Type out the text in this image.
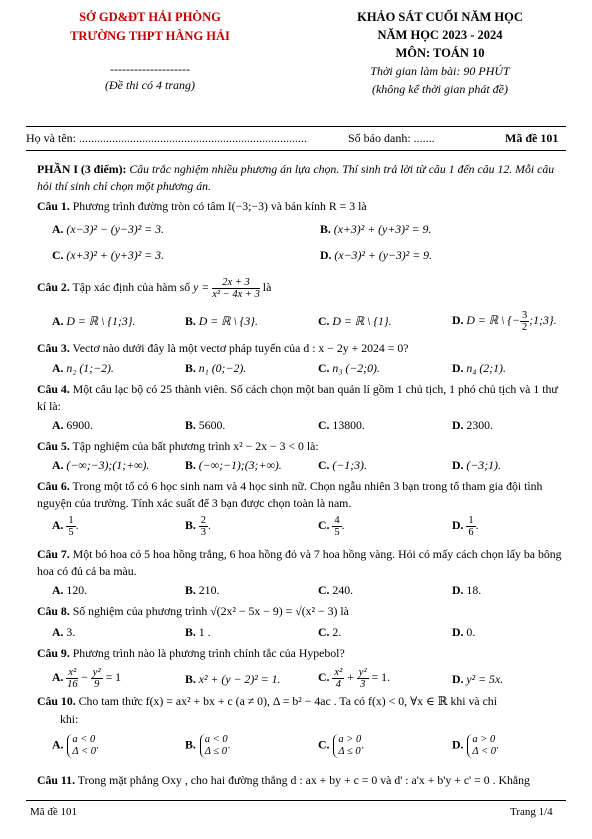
SỞ GD&ĐT HẢI PHÒNG
TRƯỜNG THPT HÀNG HẢI
--------------------
(Đề thi có 4 trang)
KHẢO SÁT CUỐI NĂM HỌC
NĂM HỌC 2023 - 2024
MÔN: TOÁN 10
Thời gian làm bài: 90 PHÚT
(không kể thời gian phát đề)
Họ và tên: ............................................................................	Số báo danh: .......	Mã đề 101
PHẦN I (3 điểm): Câu trắc nghiệm nhiều phương án lựa chọn. Thí sinh trả lời từ câu 1 đến câu 12. Mỗi câu hỏi thí sinh chỉ chọn một phương án.
Câu 1. Phương trình đường tròn có tâm I(−3;−3) và bán kính R = 3 là
A. (x−3)² − (y−3)² = 3.	B. (x+3)² + (y+3)² = 9.
C. (x+3)² + (y+3)² = 3.	D. (x−3)² + (y−3)² = 9.
Câu 2. Tập xác định của hàm số $y = \frac{2x + 3}{\text{x² − 4x + 3}}$ là
A. D = ℝ \ {1;3}.	B. D = ℝ \ {3}.	C. D = ℝ \ {1}.	D. D = ℝ \ {− $\frac{3}{2}$ ;1;3}.
Câu 3. Vectơ nào dưới đây là một vectơ pháp tuyến của d : x − 2y + 2024 = 0?
A. n₂ (1;−2).	B. n₁ (0;−2).	C. n₃ (−2;0).	D. n₄ (2;1).
Câu 4. Một câu lạc bộ có 25 thành viên. Số cách chọn một ban quản lí gồm 1 chủ tịch, 1 phó chủ tịch và 1 thư kí là:
A. 6900.	B. 5600.	C. 13800.	D. 2300.
Câu 5. Tập nghiệm của bất phương trình x² − 2x − 3 < 0 là:
A. (−∞;−3);(1;+∞).	B. (−∞;−1);(3;+∞).	C. (−1;3).	D. (−3;1).
Câu 6. Trong một tổ có 6 học sinh nam và 4 học sinh nữ. Chọn ngẫu nhiên 3 bạn trong tổ tham gia đội tình nguyện của trường. Tính xác suất để 3 bạn được chọn toàn là nam.
A. $\frac{1}{5}$ .	B. $\frac{2}{3}$ .	C. $\frac{4}{5}$ .	D. $\frac{1}{6}$ .
Câu 7. Một bó hoa có 5 hoa hồng trắng, 6 hoa hồng đỏ và 7 hoa hồng vàng. Hỏi có mấy cách chọn lấy ba bông hoa có đủ cả ba màu.
A. 120.	B. 210.	C. 240.	D. 18.
Câu 8. Số nghiệm của phương trình √(2x² − 5x − 9) = √(x² − 3) là
A. 3.	B. 1 .	C. 2.	D. 0.
Câu 9. Phương trình nào là phương trình chính tắc của Hypebol?
A. $\frac{\text{x²}}{16} - \frac{\text{y²}}{9} = 1$	B. x² + (y − 2)² = 1.	C. $\frac{\text{x²}}{4} + \frac{\text{y²}}{3} = 1$.	D. y² = 5x.
Câu 10. Cho tam thức f(x) = ax² + bx + c (a ≠ 0), Δ = b² − 4ac . Ta có f(x) < 0, ∀x ∈ ℝ khi và chỉ
khi:
A. a < 0
Δ < 0 .	B. a < 0
Δ ≤ 0 .	C. a > 0
Δ ≤ 0 .	D. a > 0
Δ < 0 .
Câu 11. Trong mặt phẳng Oxy , cho hai đường thẳng d : ax + by + c = 0 và d' : a'x + b'y + c' = 0 . Khẳng
Mã đề 101	Trang 1/4
